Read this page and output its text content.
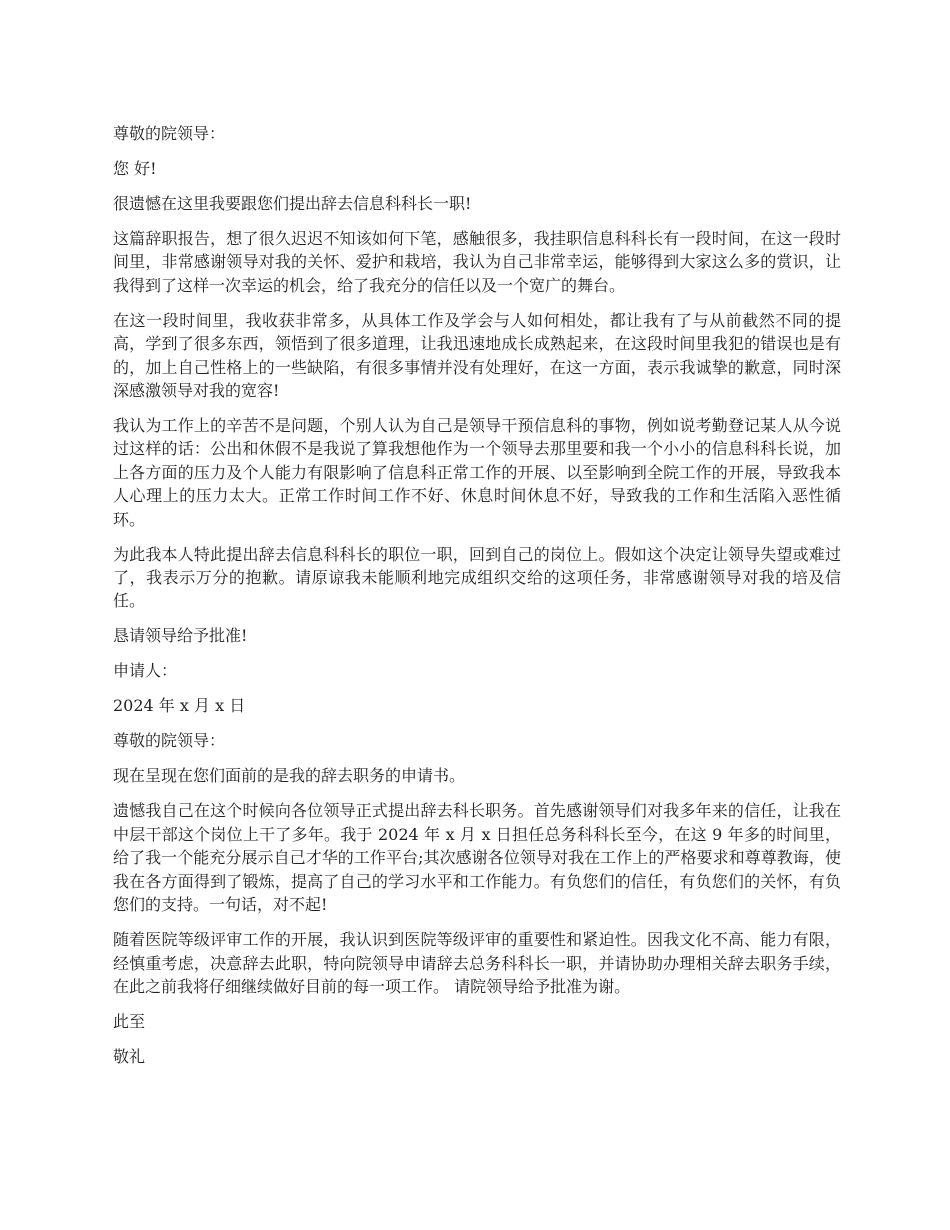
尊敬的院领导：

您 好!

很遗憾在这里我要跟您们提出辞去信息科科长一职!

这篇辞职报告，想了很久迟迟不知该如何下笔，感触很多，我挂职信息科科长有一段时间，在这一段时间里，非常感谢领导对我的关怀、爱护和栽培，我认为自己非常幸运，能够得到大家这么多的赏识，让我得到了这样一次幸运的机会，给了我充分的信任以及一个宽广的舞台。

在这一段时间里，我收获非常多，从具体工作及学会与人如何相处，都让我有了与从前截然不同的提高，学到了很多东西，领悟到了很多道理，让我迅速地成长成熟起来，在这段时间里我犯的错误也是有的，加上自己性格上的一些缺陷，有很多事情并没有处理好，在这一方面，表示我诚挚的歉意，同时深深感激领导对我的宽容!

我认为工作上的辛苦不是问题，个别人认为自己是领导干预信息科的事物，例如说考勤登记某人从今说过这样的话：公出和休假不是我说了算我想他作为一个领导去那里要和我一个小小的信息科科长说，加上各方面的压力及个人能力有限影响了信息科正常工作的开展、以至影响到全院工作的开展，导致我本人心理上的压力太大。正常工作时间工作不好、休息时间休息不好，导致我的工作和生活陷入恶性循环。

为此我本人特此提出辞去信息科科长的职位一职，回到自己的岗位上。假如这个决定让领导失望或难过了，我表示万分的抱歉。请原谅我未能顺利地完成组织交给的这项任务，非常感谢领导对我的培及信任。

恳请领导给予批准!

申请人：

2024 年 x 月 x 日

尊敬的院领导：

现在呈现在您们面前的是我的辞去职务的申请书。

遗憾我自己在这个时候向各位领导正式提出辞去科长职务。首先感谢领导们对我多年来的信任，让我在中层干部这个岗位上干了多年。我于 2024 年 x 月 x 日担任总务科科长至今，在这 9 年多的时间里，给了我一个能充分展示自己才华的工作平台;其次感谢各位领导对我在工作上的严格要求和尊尊教诲，使我在各方面得到了锻炼，提高了自己的学习水平和工作能力。有负您们的信任，有负您们的关怀，有负您们的支持。一句话，对不起!

随着医院等级评审工作的开展，我认识到医院等级评审的重要性和紧迫性。因我文化不高、能力有限，经慎重考虑，决意辞去此职，特向院领导申请辞去总务科科长一职，并请协助办理相关辞去职务手续，在此之前我将仔细继续做好目前的每一项工作。 请院领导给予批准为谢。

此至

敬礼
